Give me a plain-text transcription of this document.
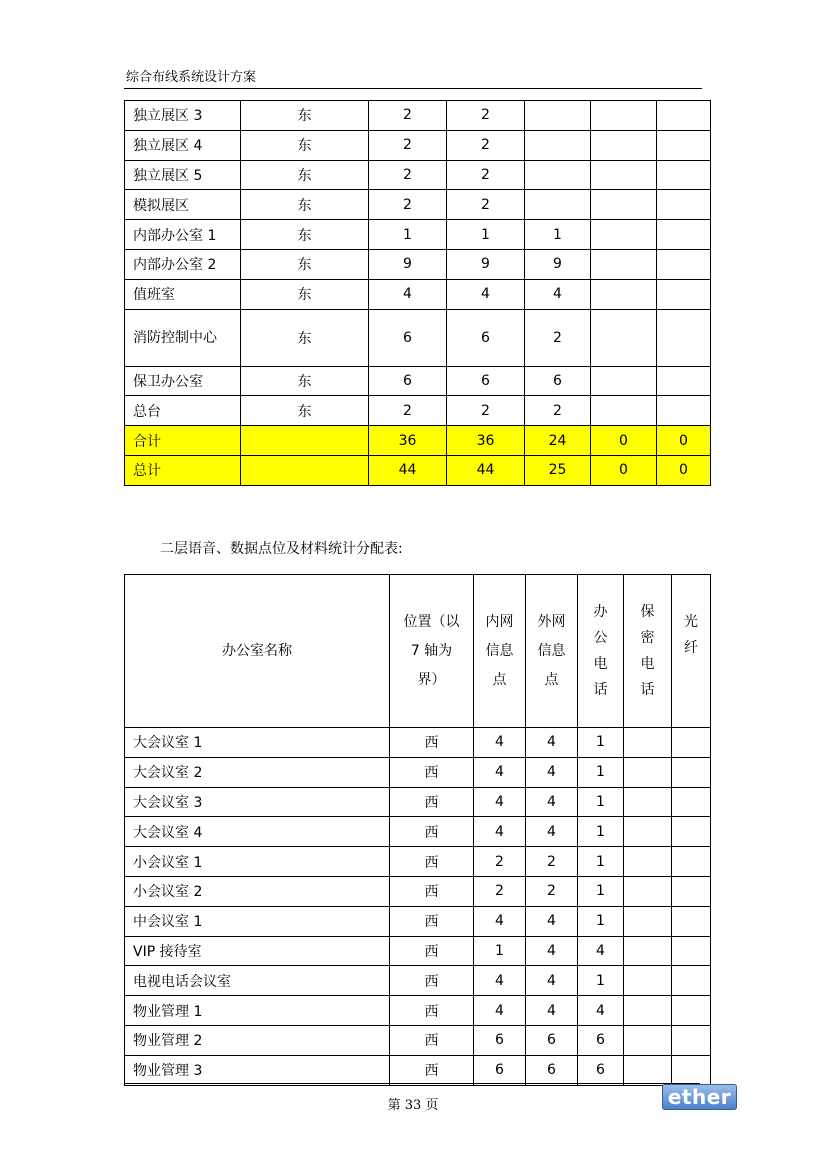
综合布线系统设计方案
独立展区 3	东	2	2			
独立展区 4	东	2	2			
独立展区 5	东	2	2			
模拟展区	东	2	2			
内部办公室 1	东	1	1	1		
内部办公室 2	东	9	9	9		
值班室	东	4	4	4		
消防控制中心	东	6	6	2		
保卫办公室	东	6	6	6		
总台	东	2	2	2		
合计		36	36	24	0	0
总计		44	44	25	0	0
二层语音、数据点位及材料统计分配表:
办公室名称	位置（以
7 轴为
界）	内网
信息
点	外网
信息
点	办
公
电
话	保
密
电
话	光
纤

大会议室 1	西	4	4	1		
大会议室 2	西	4	4	1		
大会议室 3	西	4	4	1		
大会议室 4	西	4	4	1		
小会议室 1	西	2	2	1		
小会议室 2	西	2	2	1		
中会议室 1	西	4	4	1		
VIP 接待室	西	1	4	4		
电视电话会议室	西	4	4	1		
物业管理 1	西	4	4	4		
物业管理 2	西	6	6	6		
物业管理 3	西	6	6	6		
第 33 页	ether
